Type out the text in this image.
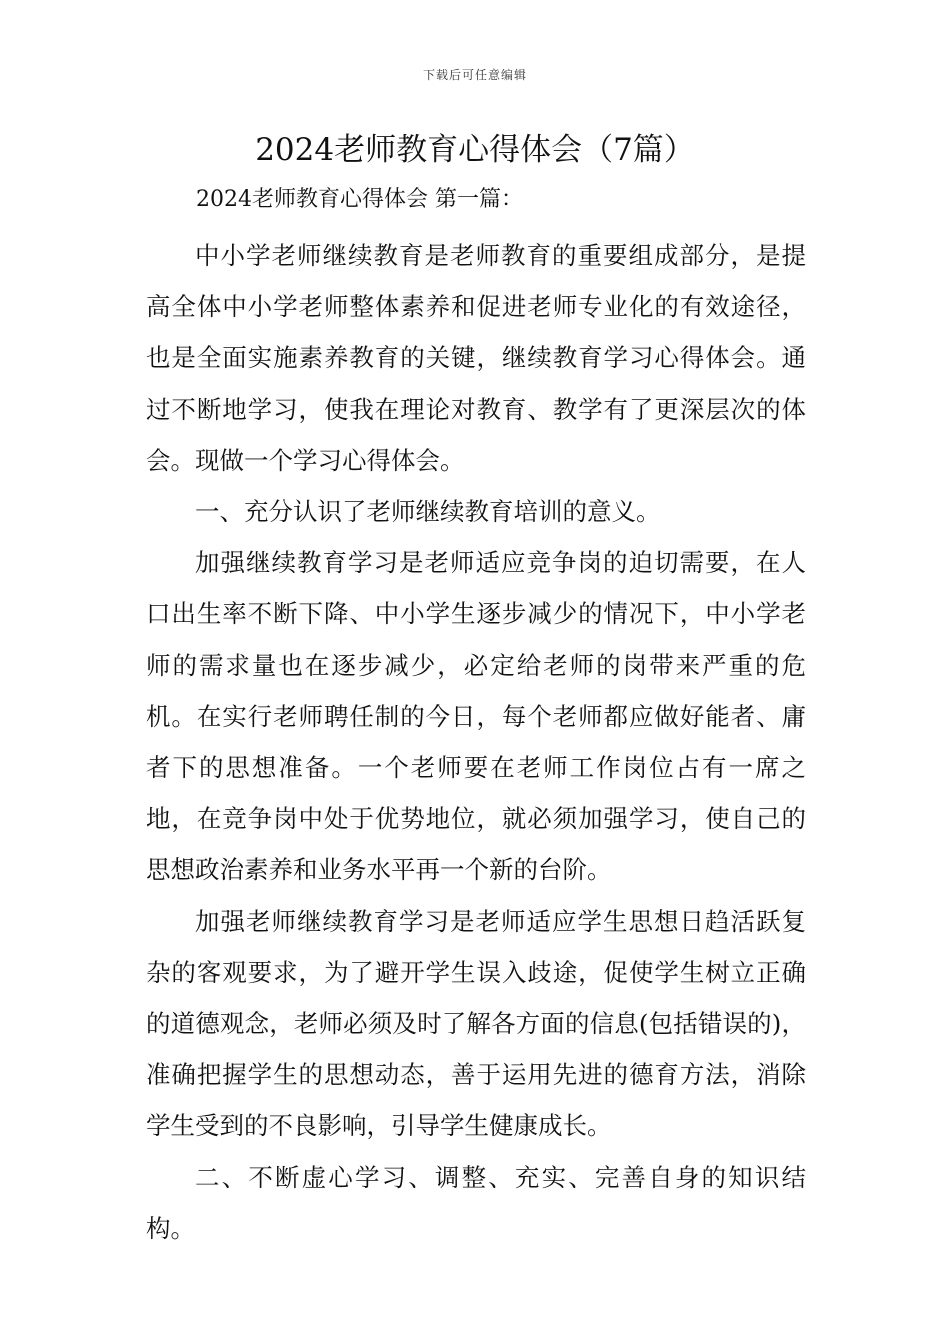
下载后可任意编辑
2024老师教育心得体会（7篇）

2024老师教育心得体会 第一篇：

中小学老师继续教育是老师教育的重要组成部分，是提高全体中小学老师整体素养和促进老师专业化的有效途径，也是全面实施素养教育的关键，继续教育学习心得体会。通过不断地学习，使我在理论对教育、教学有了更深层次的体会。现做一个学习心得体会。

一、充分认识了老师继续教育培训的意义。

加强继续教育学习是老师适应竞争岗的迫切需要，在人口出生率不断下降、中小学生逐步减少的情况下，中小学老师的需求量也在逐步减少，必定给老师的岗带来严重的危机。在实行老师聘任制的今日，每个老师都应做好能者、庸者下的思想准备。一个老师要在老师工作岗位占有一席之地，在竞争岗中处于优势地位，就必须加强学习，使自己的思想政治素养和业务水平再一个新的台阶。

加强老师继续教育学习是老师适应学生思想日趋活跃复杂的客观要求，为了避开学生误入歧途，促使学生树立正确的道德观念，老师必须及时了解各方面的信息(包括错误的)，准确把握学生的思想动态，善于运用先进的德育方法，消除学生受到的不良影响，引导学生健康成长。

二、不断虚心学习、调整、充实、完善自身的知识结构。
